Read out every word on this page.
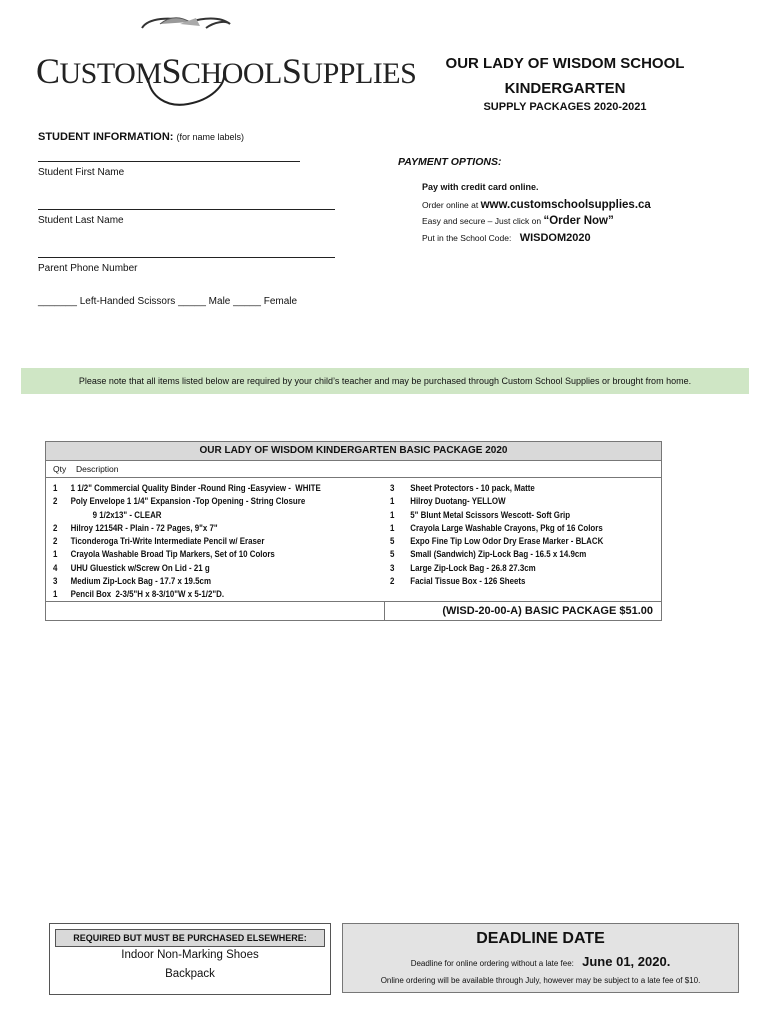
CUSTOMSCHOOLSUPPLIES	OUR LADY OF WISDOM SCHOOL
KINDERGARTEN
SUPPLY PACKAGES 2020-2021
STUDENT INFORMATION: (for name labels)
Student First Name
Student Last Name
Parent Phone Number
_______ Left-Handed Scissors _____ Male _____ Female
PAYMENT OPTIONS:
Pay with credit card online.
Order online at www.customschoolsupplies.ca
Easy and secure – Just click on “Order Now”
Put in the School Code: WISDOM2020
Please note that all items listed below are required by your child’s teacher and may be purchased through Custom School Supplies or brought from home.
OUR LADY OF WISDOM KINDERGARTEN BASIC PACKAGE 2020
Qty Description
1	1 1/2" Commercial Quality Binder -Round Ring -Easyview -  WHITE
2	Poly Envelope 1 1/4" Expansion -Top Opening - String Closure
9 1/2x13" - CLEAR
2	Hilroy 12154R - Plain - 72 Pages, 9"x 7"
2	Ticonderoga Tri-Write Intermediate Pencil w/ Eraser
1	Crayola Washable Broad Tip Markers, Set of 10 Colors
4	UHU Gluestick w/Screw On Lid - 21 g
3	Medium Zip-Lock Bag - 17.7 x 19.5cm
1	Pencil Box  2-3/5"H x 8-3/10"W x 5-1/2"D.
3	Sheet Protectors - 10 pack, Matte
1	Hilroy Duotang- YELLOW
1	5" Blunt Metal Scissors Wescott- Soft Grip
1	Crayola Large Washable Crayons, Pkg of 16 Colors
5	Expo Fine Tip Low Odor Dry Erase Marker - BLACK
5	Small (Sandwich) Zip-Lock Bag - 16.5 x 14.9cm
3	Large Zip-Lock Bag - 26.8 27.3cm
2	Facial Tissue Box - 126 Sheets
(WISD-20-00-A) BASIC PACKAGE $51.00
REQUIRED BUT MUST BE PURCHASED ELSEWHERE:
Indoor Non-Marking Shoes
Backpack
DEADLINE DATE
Deadline for online ordering without a late fee: June 01, 2020.
Online ordering will be available through July, however may be subject to a late fee of $10.
